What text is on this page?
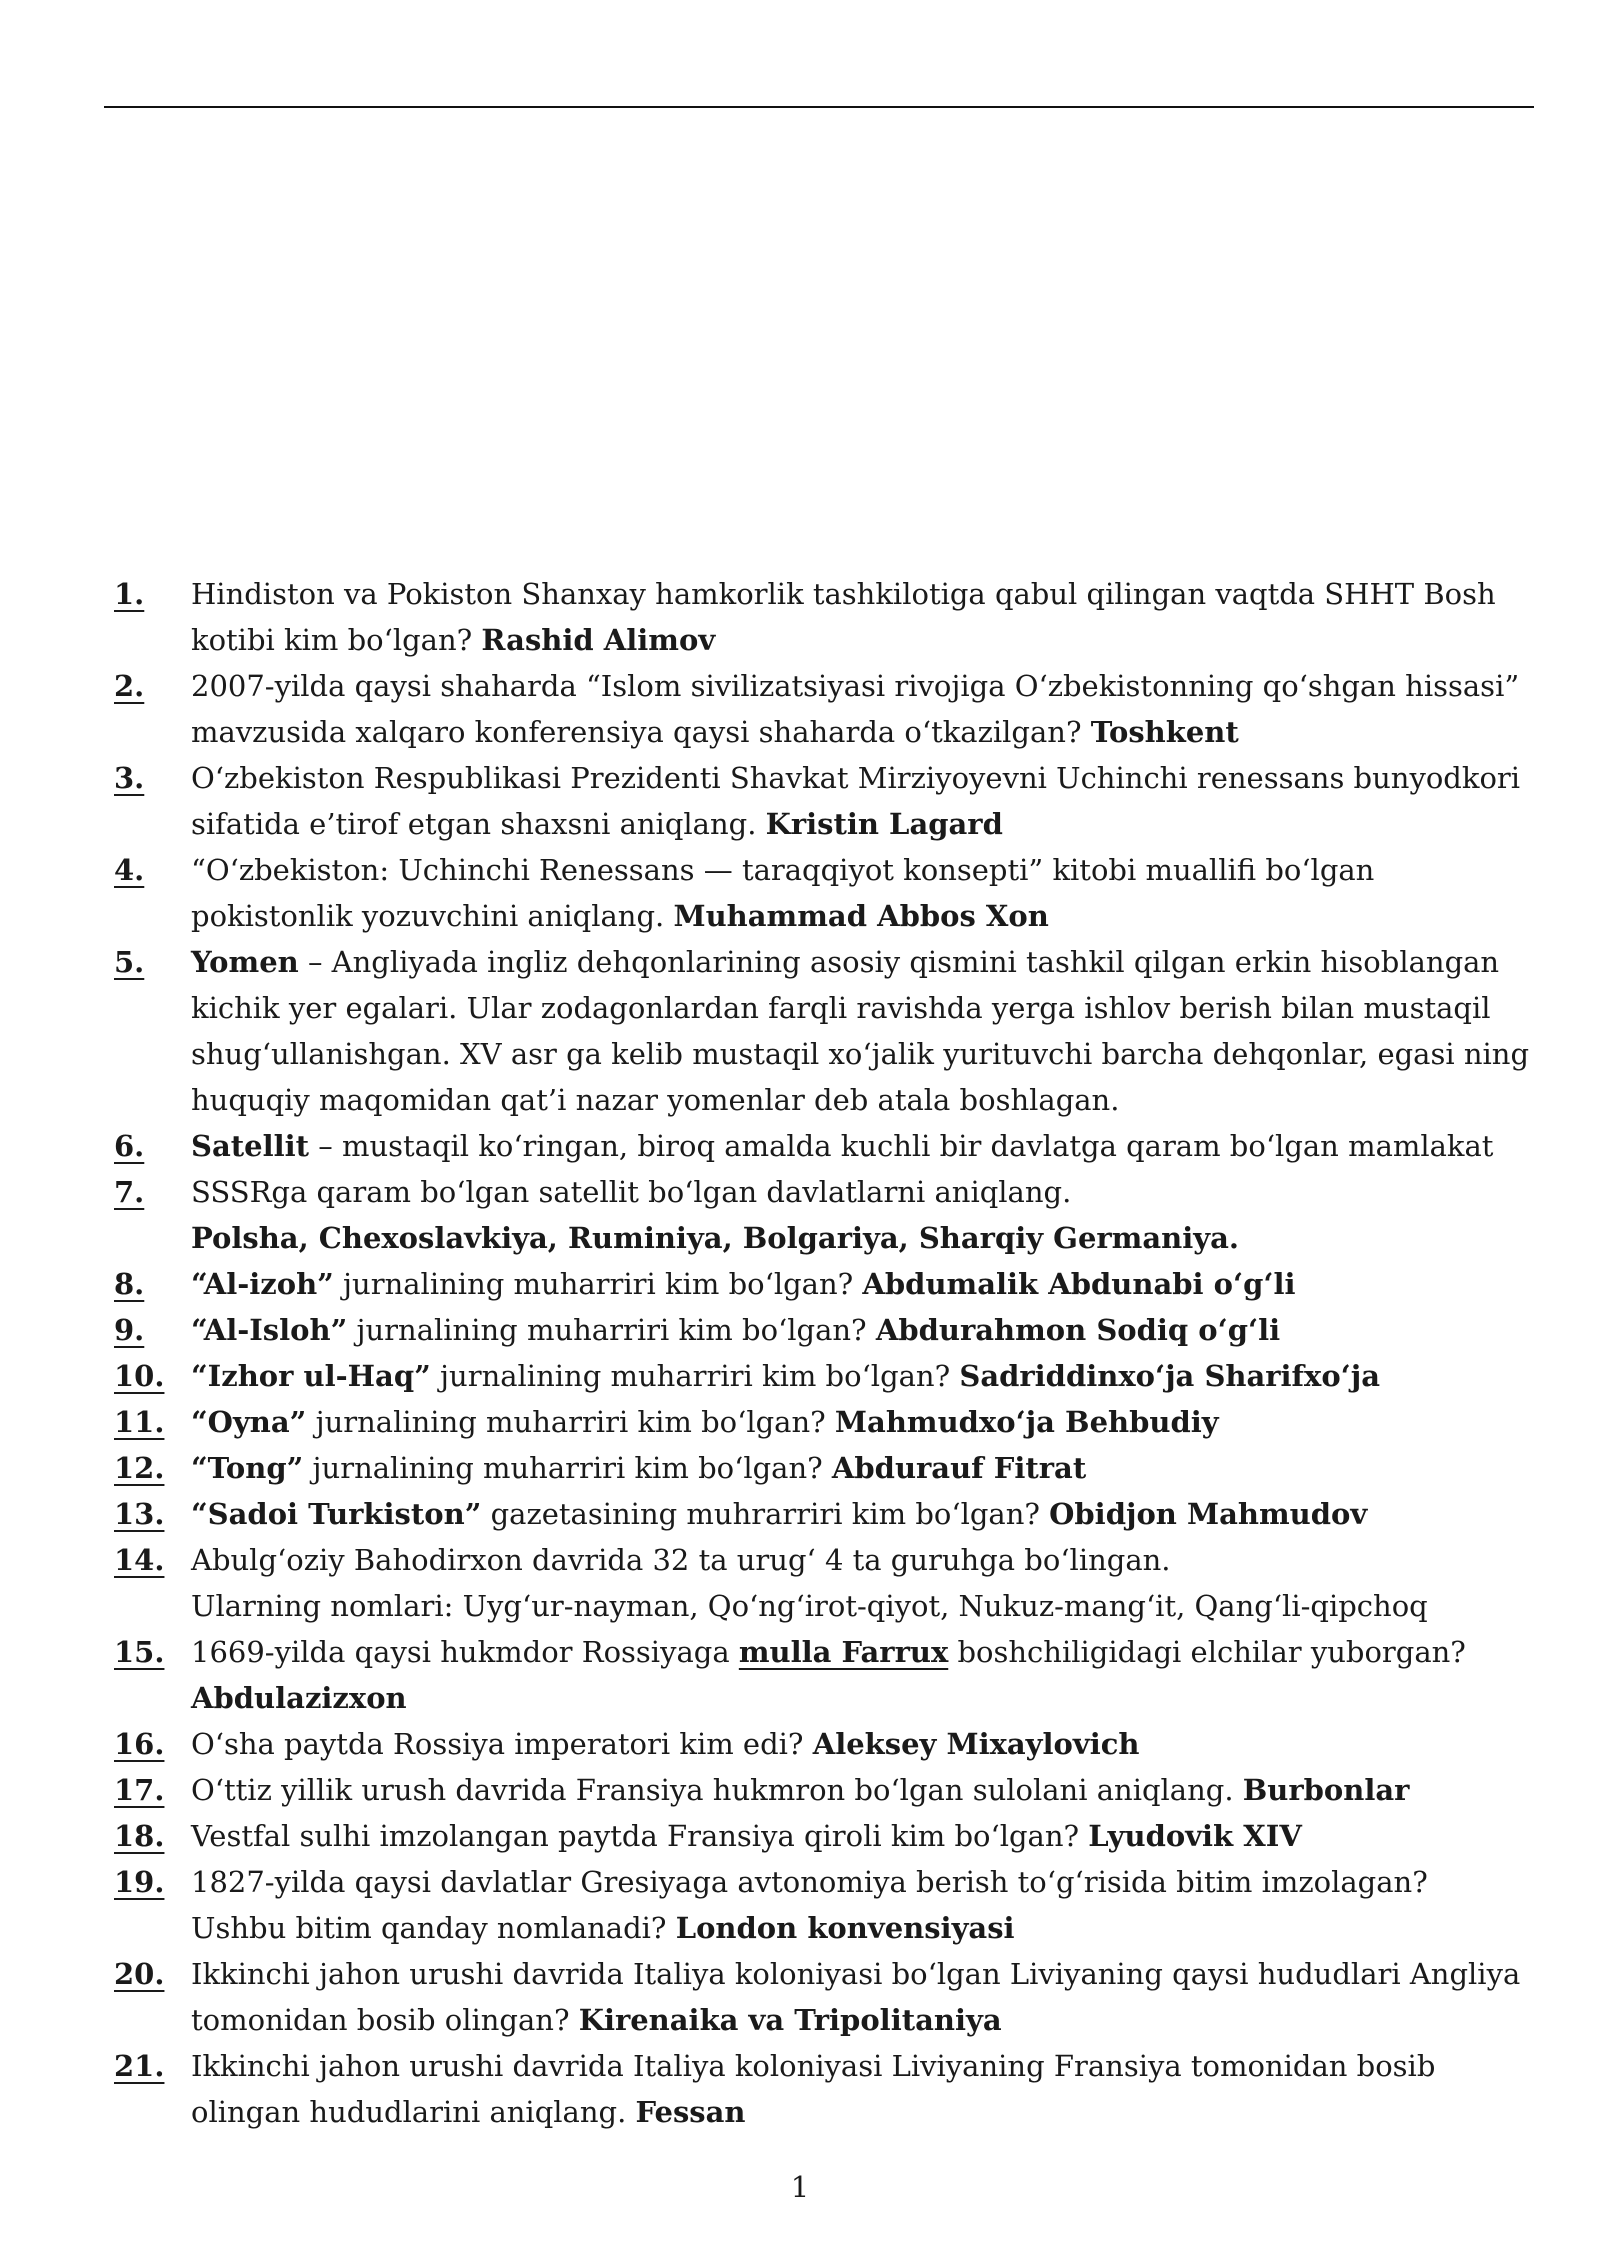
1.	Hindiston va Pokiston Shanxay hamkorlik tashkilotiga qabul qilingan vaqtda SHHT Bosh kotibi kim bo‘lgan? Rashid Alimov
2.	2007-yilda qaysi shaharda “Islom sivilizatsiyasi rivojiga O‘zbekistonning qo‘shgan hissasi” mavzusida xalqaro konferensiya qaysi shaharda o‘tkazilgan? Toshkent
3.	O‘zbekiston Respublikasi Prezidenti Shavkat Mirziyoyevni Uchinchi renessans bunyodkori sifatida e’tirof etgan shaxsni aniqlang. Kristin Lagard
4.	“O‘zbekiston: Uchinchi Renessans — taraqqiyot konsepti” kitobi muallifi bo‘lgan pokistonlik yozuvchini aniqlang. Muhammad Abbos Xon
5.	Yomen – Angliyada ingliz dehqonlarining asosiy qismini tashkil qilgan erkin hisoblangan kichik yer egalari. Ular zodagonlardan farqli ravishda yerga ishlov berish bilan mustaqil shug‘ullanishgan. XV asr ga kelib mustaqil xo‘jalik yurituvchi barcha dehqonlar, egasi ning huquqiy maqomidan qat’i nazar yomenlar deb atala boshlagan.
6.	Satellit – mustaqil ko‘ringan, biroq amalda kuchli bir davlatga qaram bo‘lgan mamlakat
7.	SSSRga qaram bo‘lgan satellit bo‘lgan davlatlarni aniqlang.
Polsha, Chexoslavkiya, Ruminiya, Bolgariya, Sharqiy Germaniya.
8.	“Al-izoh” jurnalining muharriri kim bo‘lgan? Abdumalik Abdunabi o‘g‘li
9.	“Al-Isloh” jurnalining muharriri kim bo‘lgan? Abdurahmon Sodiq o‘g‘li
10. “Izhor ul-Haq” jurnalining muharriri kim bo‘lgan? Sadriddinxo‘ja Sharifxo‘ja
11. “Oyna” jurnalining muharriri kim bo‘lgan? Mahmudxo‘ja Behbudiy
12. “Tong” jurnalining muharriri kim bo‘lgan? Abdurauf Fitrat
13. “Sadoi Turkiston” gazetasining muhrarriri kim bo‘lgan? Obidjon Mahmudov
14. Abulg‘oziy Bahodirxon davrida 32 ta urug‘ 4 ta guruhga bo‘lingan.
Ularning nomlari: Uyg‘ur-nayman, Qo‘ng‘irot-qiyot, Nukuz-mang‘it, Qang‘li-qipchoq
15. 1669-yilda qaysi hukmdor Rossiyaga mulla Farrux boshchiligidagi elchilar yuborgan? Abdulazizxon
16. O‘sha paytda Rossiya imperatori kim edi? Aleksey Mixaylovich
17. O‘ttiz yillik urush davrida Fransiya hukmron bo‘lgan sulolani aniqlang. Burbonlar
18. Vestfal sulhi imzolangan paytda Fransiya qiroli kim bo‘lgan? Lyudovik XIV
19. 1827-yilda qaysi davlatlar Gresiyaga avtonomiya berish to‘g‘risida bitim imzolagan?
Ushbu bitim qanday nomlanadi? London konvensiyasi
20. Ikkinchi jahon urushi davrida Italiya koloniyasi bo‘lgan Liviyaning qaysi hududlari Angliya tomonidan bosib olingan? Kirenaika va Tripolitaniya
21. Ikkinchi jahon urushi davrida Italiya koloniyasi Liviyaning Fransiya tomonidan bosib olingan hududlarini aniqlang. Fessan
1
